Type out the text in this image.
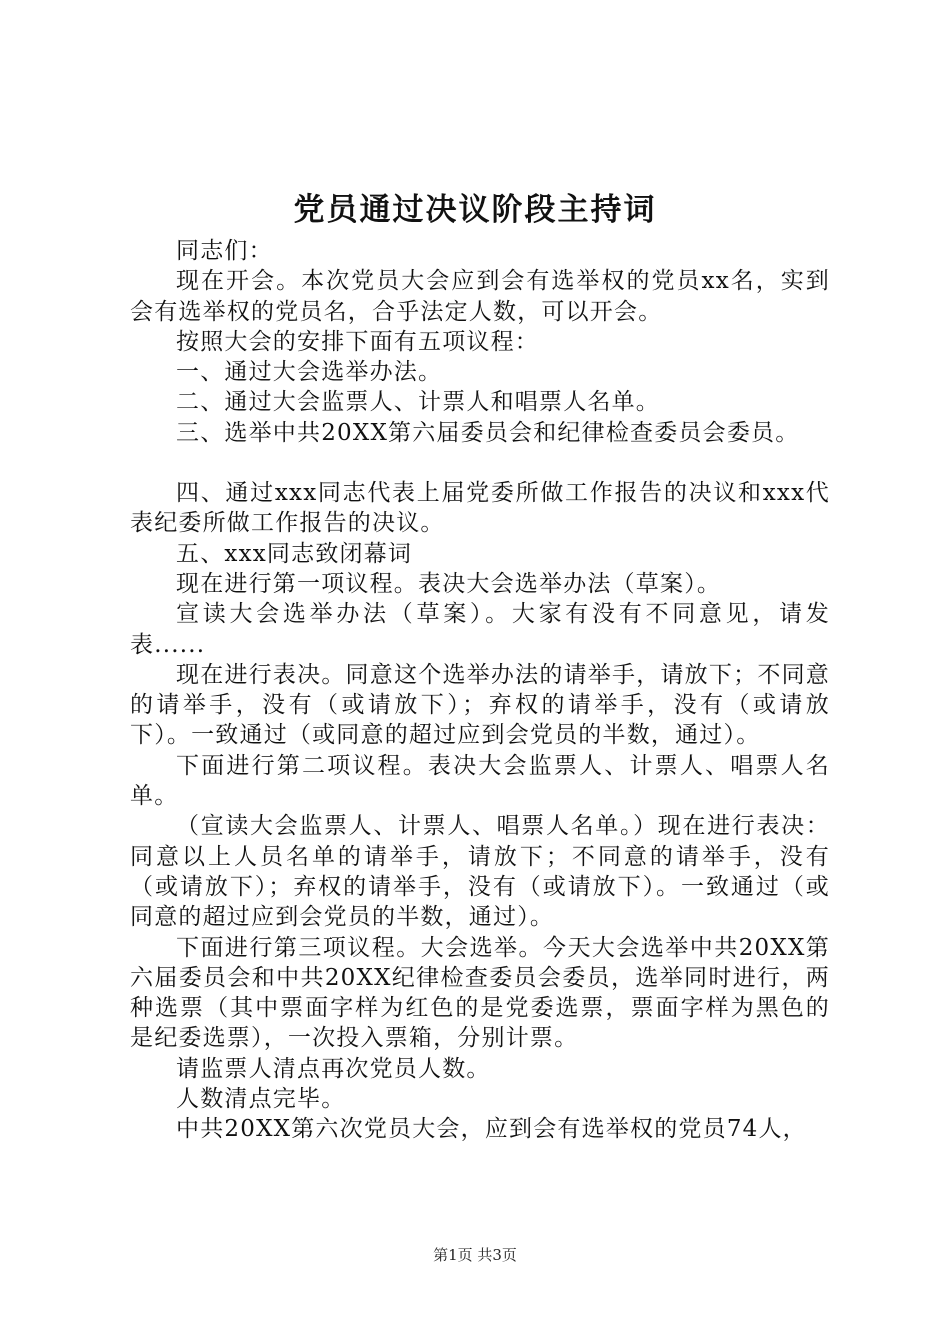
党员通过决议阶段主持词

同志们：

现在开会。本次党员大会应到会有选举权的党员xx名，实到会有选举权的党员名，合乎法定人数，可以开会。

按照大会的安排下面有五项议程：

一、通过大会选举办法。

二、通过大会监票人、计票人和唱票人名单。

三、选举中共20XX第六届委员会和纪律检查委员会委员。

四、通过xxx同志代表上届党委所做工作报告的决议和xxx代表纪委所做工作报告的决议。

五、xxx同志致闭幕词

现在进行第一项议程。表决大会选举办法（草案）。

宣读大会选举办法（草案）。大家有没有不同意见，请发表......

现在进行表决。同意这个选举办法的请举手，请放下；不同意的请举手，没有（或请放下）；弃权的请举手，没有（或请放下）。一致通过（或同意的超过应到会党员的半数，通过）。

下面进行第二项议程。表决大会监票人、计票人、唱票人名单。

（宣读大会监票人、计票人、唱票人名单。）现在进行表决：同意以上人员名单的请举手，请放下；不同意的请举手，没有（或请放下）；弃权的请举手，没有（或请放下）。一致通过（或同意的超过应到会党员的半数，通过）。

下面进行第三项议程。大会选举。今天大会选举中共20XX第六届委员会和中共20XX纪律检查委员会委员，选举同时进行，两种选票（其中票面字样为红色的是党委选票，票面字样为黑色的是纪委选票），一次投入票箱，分别计票。

请监票人清点再次党员人数。

人数清点完毕。

中共20XX第六次党员大会，应到会有选举权的党员74人，

第1页 共3页
